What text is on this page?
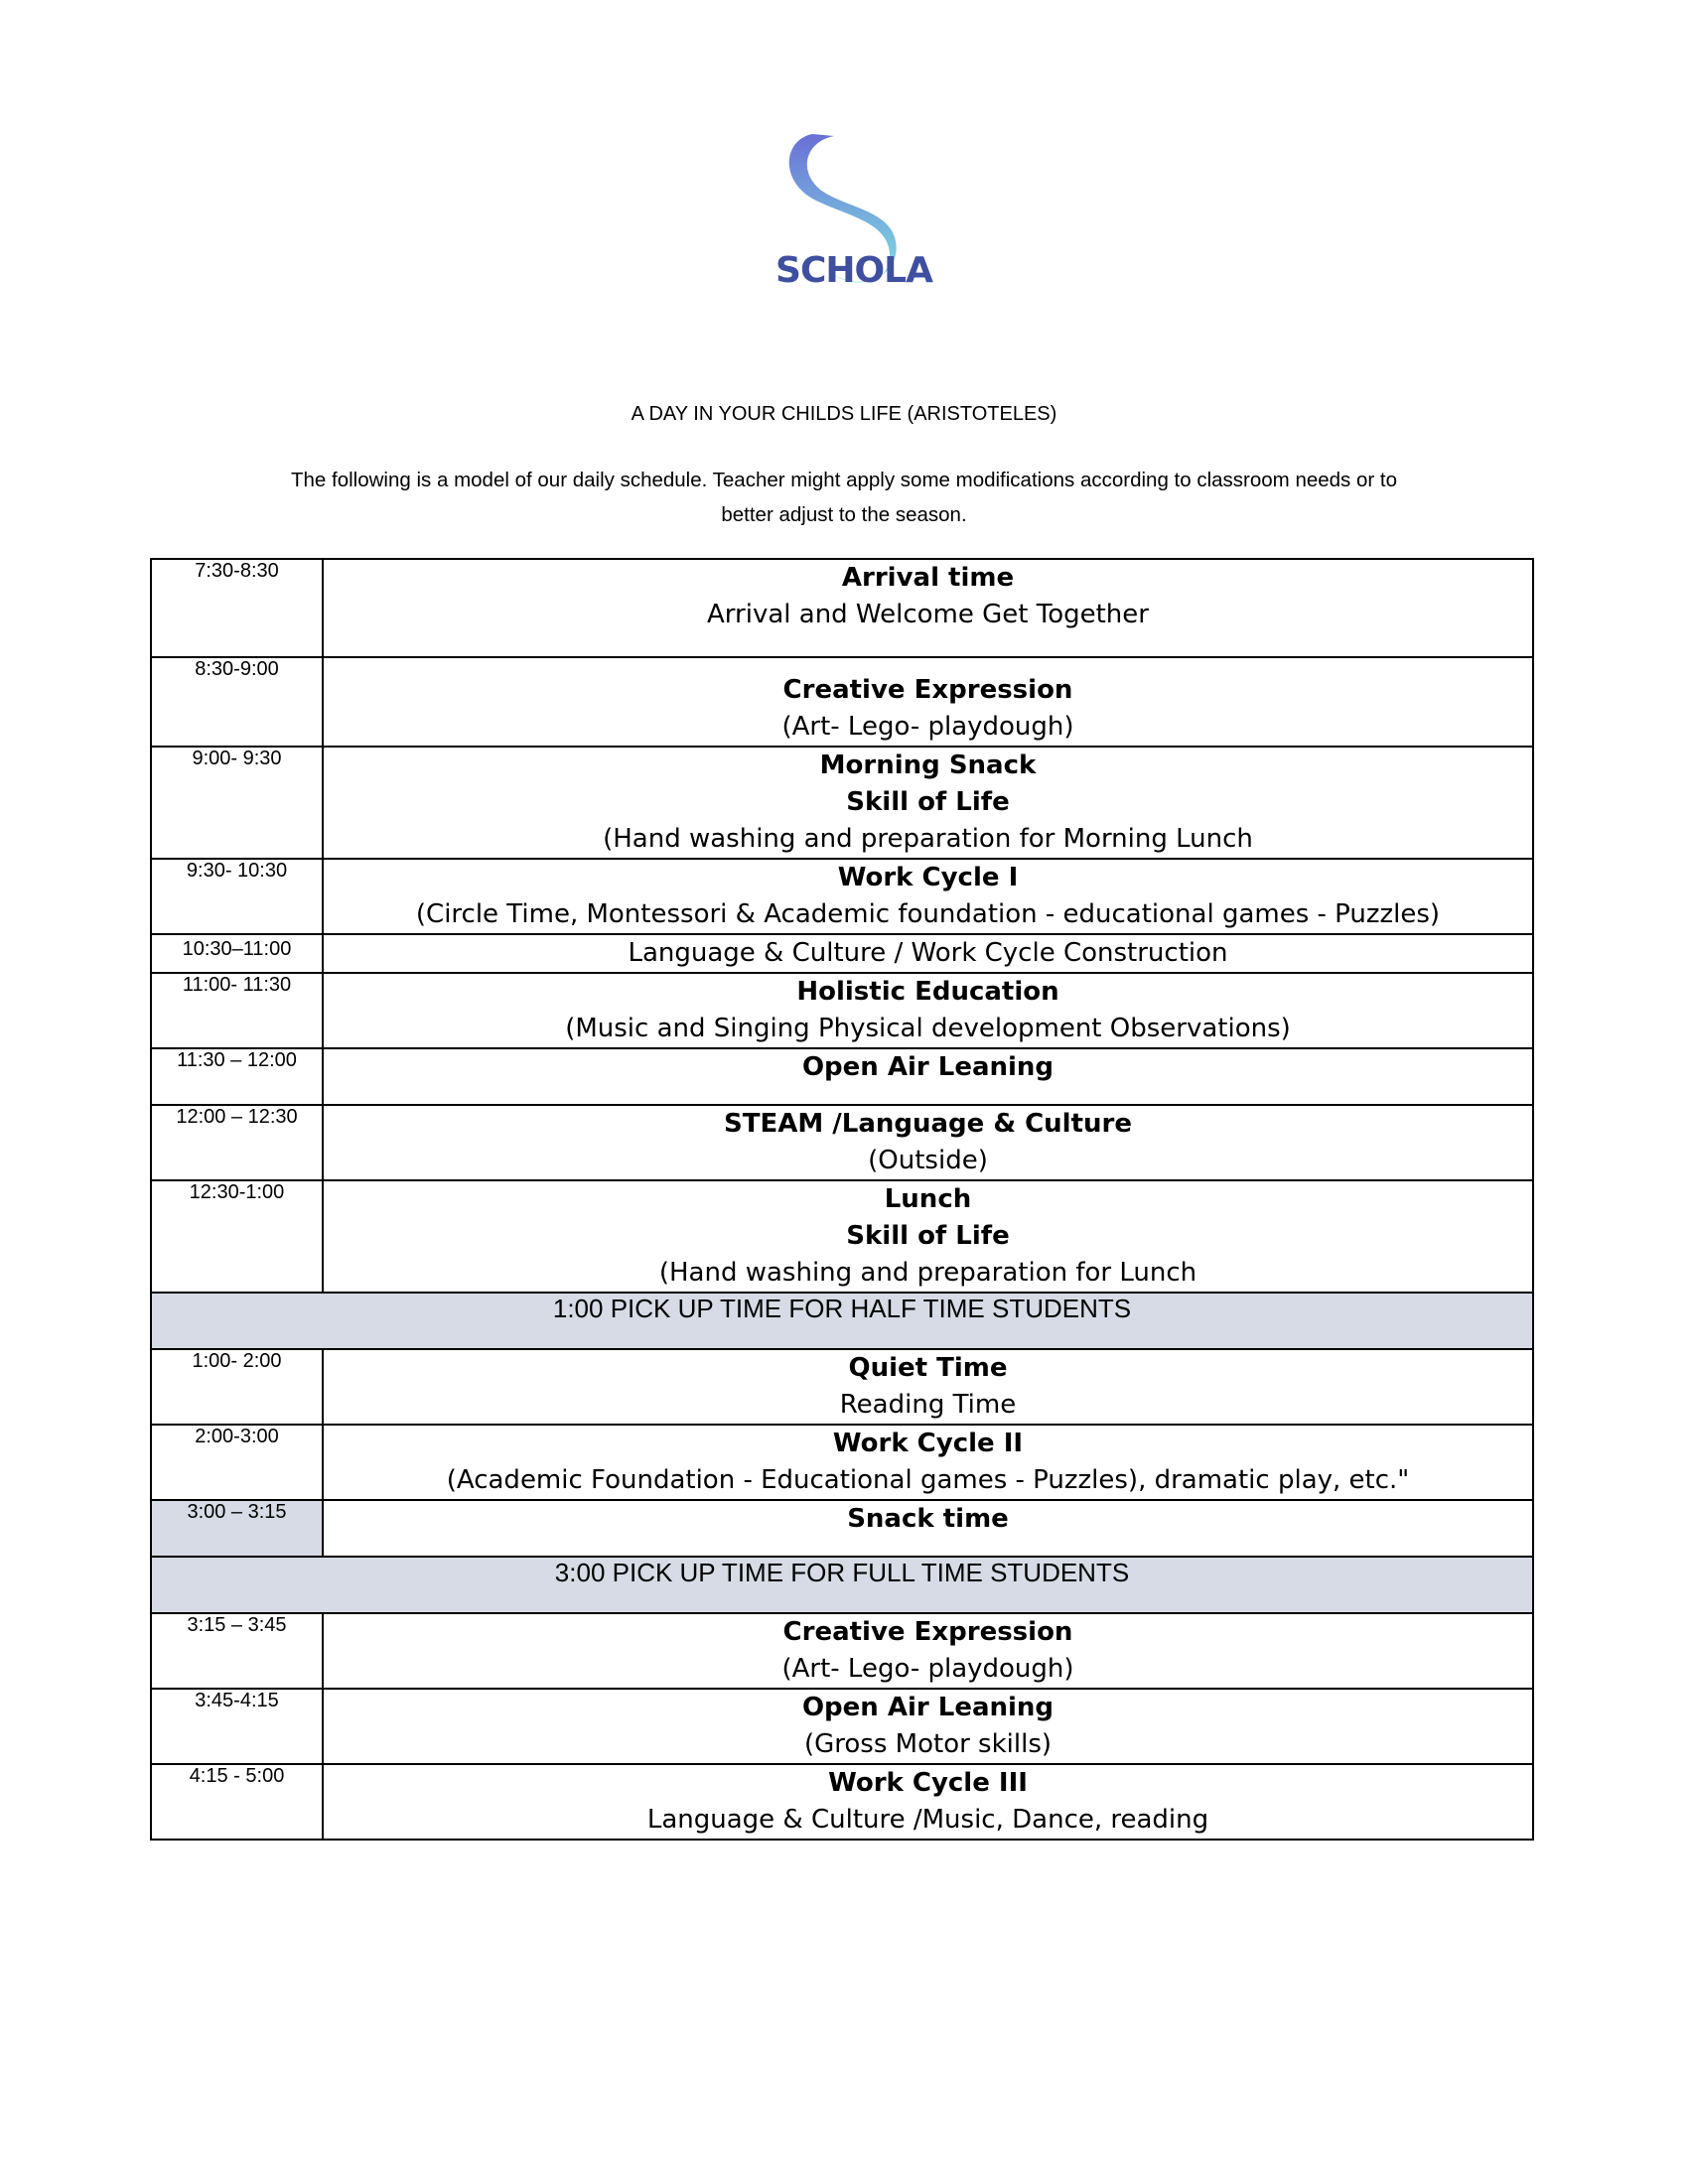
SCHOLA
A DAY IN YOUR CHILDS LIFE (ARISTOTELES)
The following is a model of our daily schedule. Teacher might apply some modifications according to classroom needs or to
better adjust to the season.
7:30-8:30	Arrival time
Arrival and Welcome Get Together

8:30-9:00	Creative Expression
(Art- Lego- playdough)

9:00- 9:30	Morning Snack
Skill of Life
(Hand washing and preparation for Morning Lunch

9:30- 10:30	Work Cycle I
(Circle Time, Montessori & Academic foundation - educational games - Puzzles)

10:30–11:00	Language & Culture / Work Cycle Construction

11:00- 11:30	Holistic Education
(Music and Singing Physical development Observations)

11:30 – 12:00	Open Air Leaning

12:00 – 12:30	STEAM /Language & Culture
(Outside)

12:30-1:00	Lunch
Skill of Life
(Hand washing and preparation for Lunch

1:00 PICK UP TIME FOR HALF TIME STUDENTS	
1:00- 2:00	Quiet Time
Reading Time

2:00-3:00	Work Cycle II
(Academic Foundation - Educational games - Puzzles), dramatic play, etc."

3:00 – 3:15	Snack time

3:00 PICK UP TIME FOR FULL TIME STUDENTS	
3:15 – 3:45	Creative Expression
(Art- Lego- playdough)

3:45-4:15	Open Air Leaning
(Gross Motor skills)

4:15 - 5:00	Work Cycle III
Language & Culture /Music, Dance, reading
